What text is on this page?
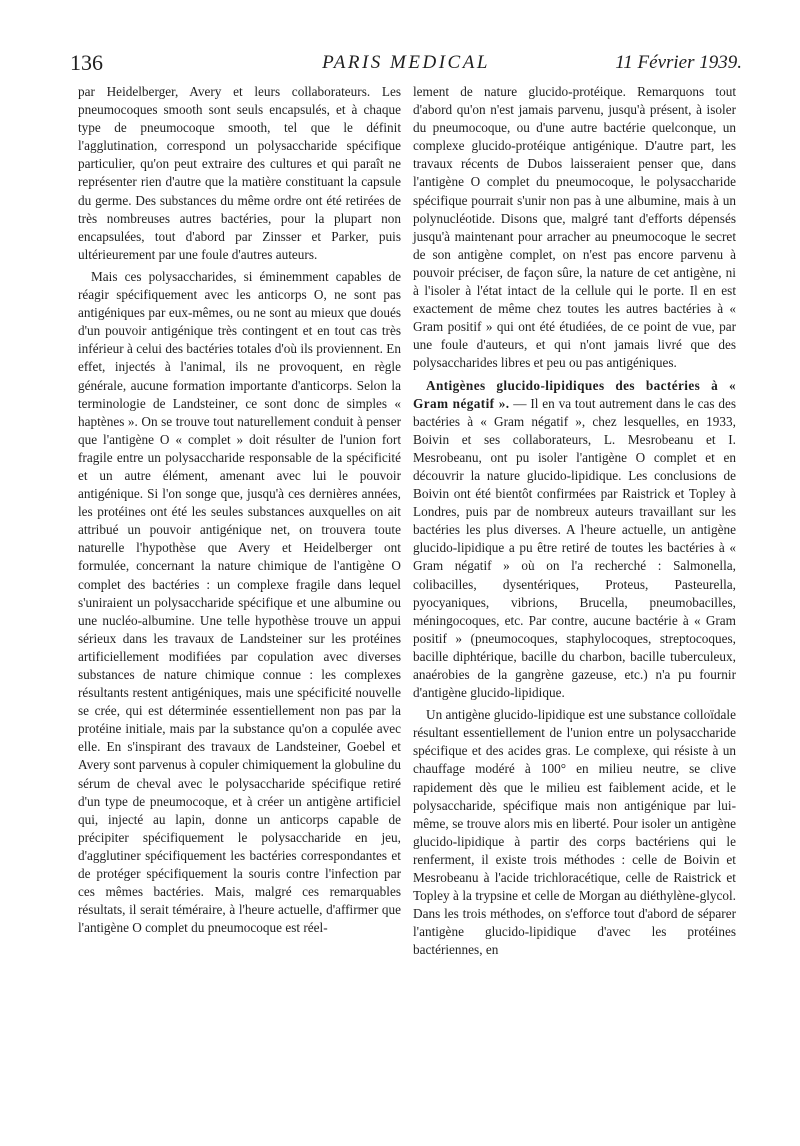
136	PARIS MEDICAL	11 Février 1939.

par Heidelberger, Avery et leurs collaborateurs. Les pneumocoques smooth sont seuls encapsulés, et à chaque type de pneumocoque smooth, tel que le définit l'agglutination, correspond un polysaccharide spécifique particulier, qu'on peut extraire des cultures et qui paraît ne représenter rien d'autre que la matière constituant la capsule du germe. Des substances du même ordre ont été retirées de très nombreuses autres bactéries, pour la plupart non encapsulées, tout d'abord par Zinsser et Parker, puis ultérieurement par une foule d'autres auteurs.

Mais ces polysaccharides, si éminemment capables de réagir spécifiquement avec les anticorps O, ne sont pas antigéniques par eux-mêmes, ou ne sont au mieux que doués d'un pouvoir antigénique très contingent et en tout cas très inférieur à celui des bactéries totales d'où ils proviennent. En effet, injectés à l'animal, ils ne provoquent, en règle générale, aucune formation importante d'anticorps. Selon la terminologie de Landsteiner, ce sont donc de simples « haptènes ». On se trouve tout naturellement conduit à penser que l'antigène O « complet » doit résulter de l'union fort fragile entre un polysaccharide responsable de la spécificité et un autre élément, amenant avec lui le pouvoir antigénique. Si l'on songe que, jusqu'à ces dernières années, les protéines ont été les seules substances auxquelles on ait attribué un pouvoir antigénique net, on trouvera toute naturelle l'hypothèse que Avery et Heidelberger ont formulée, concernant la nature chimique de l'antigène O complet des bactéries : un complexe fragile dans lequel s'uniraient un polysaccharide spécifique et une albumine ou une nucléo-albumine. Une telle hypothèse trouve un appui sérieux dans les travaux de Landsteiner sur les protéines artificiellement modifiées par copulation avec diverses substances de nature chimique connue : les complexes résultants restent antigéniques, mais une spécificité nouvelle se crée, qui est déterminée essentiellement non pas par la protéine initiale, mais par la substance qu'on a copulée avec elle. En s'inspirant des travaux de Landsteiner, Goebel et Avery sont parvenus à copuler chimiquement la globuline du sérum de cheval avec le polysaccharide spécifique retiré d'un type de pneumocoque, et à créer un antigène artificiel qui, injecté au lapin, donne un anticorps capable de précipiter spécifiquement le polysaccharide en jeu, d'agglutiner spécifiquement les bactéries correspondantes et de protéger spécifiquement la souris contre l'infection par ces mêmes bactéries. Mais, malgré ces remarquables résultats, il serait téméraire, à l'heure actuelle, d'affirmer que l'antigène O complet du pneumocoque est réel-

lement de nature glucido-protéique. Remarquons tout d'abord qu'on n'est jamais parvenu, jusqu'à présent, à isoler du pneumocoque, ou d'une autre bactérie quelconque, un complexe glucido-protéique antigénique. D'autre part, les travaux récents de Dubos laisseraient penser que, dans l'antigène O complet du pneumocoque, le polysaccharide spécifique pourrait s'unir non pas à une albumine, mais à un polynucléotide. Disons que, malgré tant d'efforts dépensés jusqu'à maintenant pour arracher au pneumocoque le secret de son antigène complet, on n'est pas encore parvenu à pouvoir préciser, de façon sûre, la nature de cet antigène, ni à l'isoler à l'état intact de la cellule qui le porte. Il en est exactement de même chez toutes les autres bactéries à « Gram positif » qui ont été étudiées, de ce point de vue, par une foule d'auteurs, et qui n'ont jamais livré que des polysaccharides libres et peu ou pas antigéniques.

Antigènes glucido-lipidiques des bactéries à « Gram négatif ». — Il en va tout autrement dans le cas des bactéries à « Gram négatif », chez lesquelles, en 1933, Boivin et ses collaborateurs, L. Mesrobeanu et I. Mesrobeanu, ont pu isoler l'antigène O complet et en découvrir la nature glucido-lipidique. Les conclusions de Boivin ont été bientôt confirmées par Raistrick et Topley à Londres, puis par de nombreux auteurs travaillant sur les bactéries les plus diverses. A l'heure actuelle, un antigène glucido-lipidique a pu être retiré de toutes les bactéries à « Gram négatif » où on l'a recherché : Salmonella, colibacilles, dysentériques, Proteus, Pasteurella, pyocyaniques, vibrions, Brucella, pneumobacilles, méningocoques, etc. Par contre, aucune bactérie à « Gram positif » (pneumocoques, staphylocoques, streptocoques, bacille diphtérique, bacille du charbon, bacille tuberculeux, anaérobies de la gangrène gazeuse, etc.) n'a pu fournir d'antigène glucido-lipidique.

Un antigène glucido-lipidique est une substance colloïdale résultant essentiellement de l'union entre un polysaccharide spécifique et des acides gras. Le complexe, qui résiste à un chauffage modéré à 100° en milieu neutre, se clive rapidement dès que le milieu est faiblement acide, et le polysaccharide, spécifique mais non antigénique par lui-même, se trouve alors mis en liberté. Pour isoler un antigène glucido-lipidique à partir des corps bactériens qui le renferment, il existe trois méthodes : celle de Boivin et Mesrobeanu à l'acide trichloracétique, celle de Raistrick et Topley à la trypsine et celle de Morgan au diéthylène-glycol. Dans les trois méthodes, on s'efforce tout d'abord de séparer l'antigène glucido-lipidique d'avec les protéines bactériennes, en
